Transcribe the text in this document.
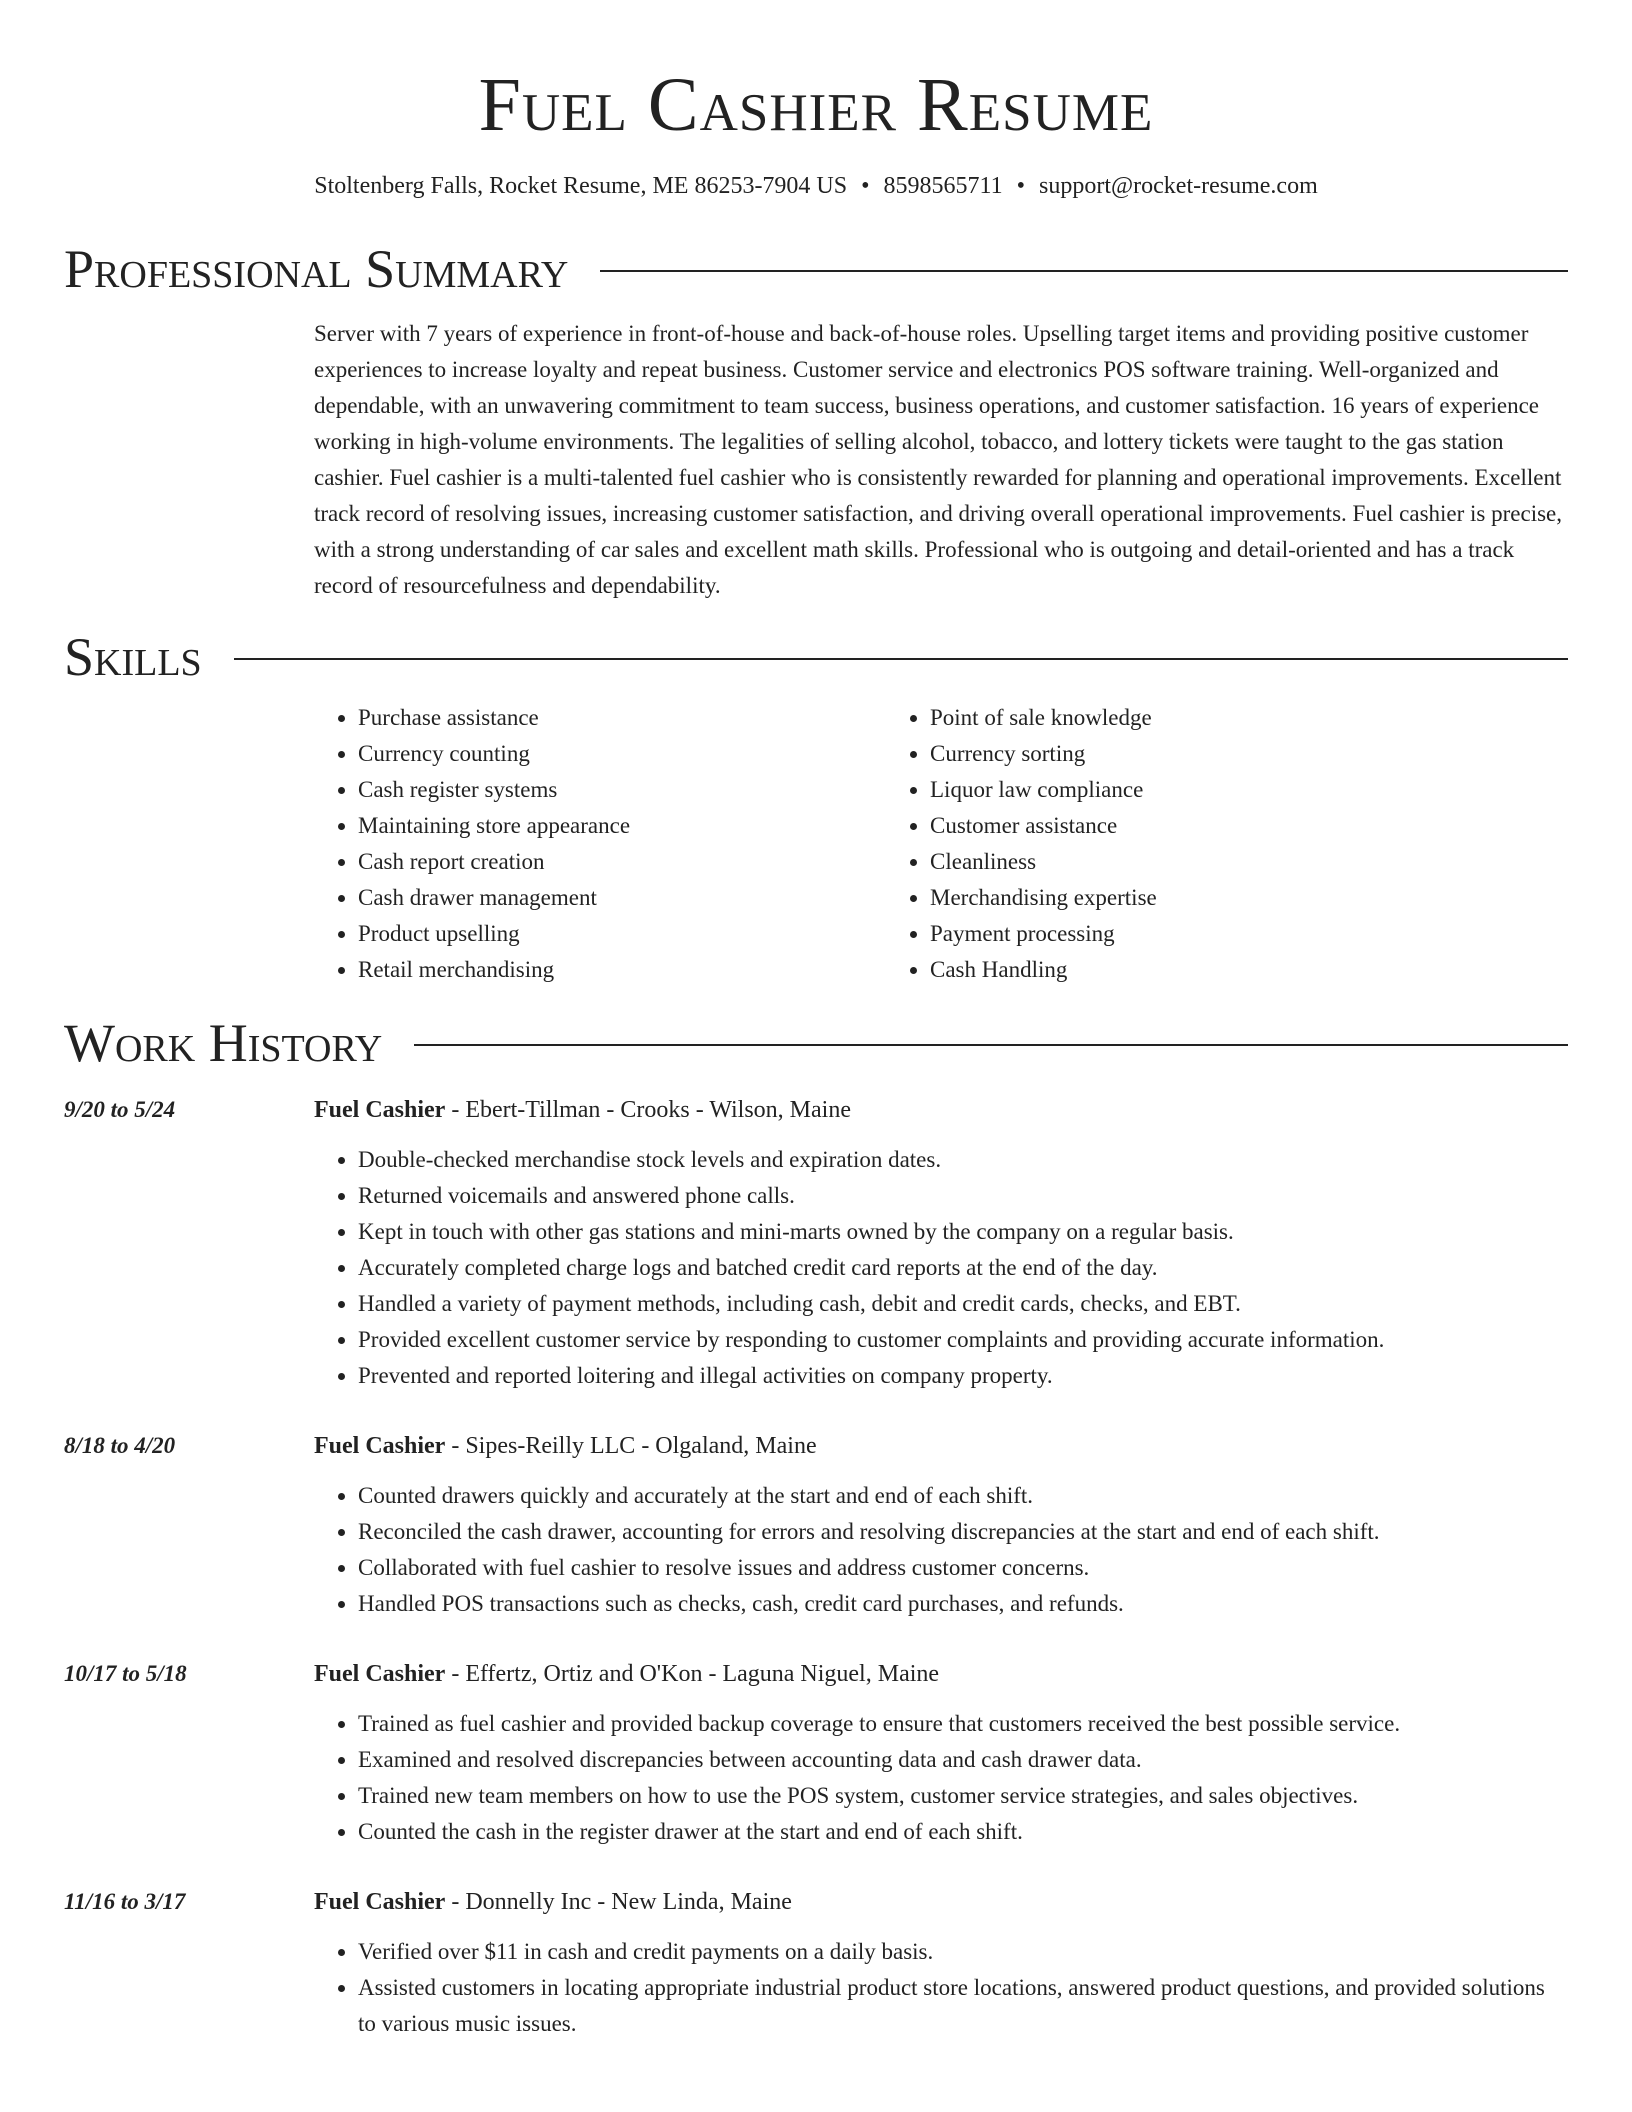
Fuel Cashier Resume
Stoltenberg Falls, Rocket Resume, ME 86253-7904 US • 8598565711 • support@rocket-resume.com
Professional Summary
Server with 7 years of experience in front-of-house and back-of-house roles. Upselling target items and providing positive customer experiences to increase loyalty and repeat business. Customer service and electronics POS software training. Well-organized and dependable, with an unwavering commitment to team success, business operations, and customer satisfaction. 16 years of experience working in high-volume environments. The legalities of selling alcohol, tobacco, and lottery tickets were taught to the gas station cashier. Fuel cashier is a multi-talented fuel cashier who is consistently rewarded for planning and operational improvements. Excellent track record of resolving issues, increasing customer satisfaction, and driving overall operational improvements. Fuel cashier is precise, with a strong understanding of car sales and excellent math skills. Professional who is outgoing and detail-oriented and has a track record of resourcefulness and dependability.
Skills
• Purchase assistance
• Currency counting
• Cash register systems
• Maintaining store appearance
• Cash report creation
• Cash drawer management
• Product upselling
• Retail merchandising
• Point of sale knowledge
• Currency sorting
• Liquor law compliance
• Customer assistance
• Cleanliness
• Merchandising expertise
• Payment processing
• Cash Handling
Work History
9/20 to 5/24	Fuel Cashier - Ebert-Tillman - Crooks - Wilson, Maine
• Double-checked merchandise stock levels and expiration dates.
• Returned voicemails and answered phone calls.
• Kept in touch with other gas stations and mini-marts owned by the company on a regular basis.
• Accurately completed charge logs and batched credit card reports at the end of the day.
• Handled a variety of payment methods, including cash, debit and credit cards, checks, and EBT.
• Provided excellent customer service by responding to customer complaints and providing accurate information.
• Prevented and reported loitering and illegal activities on company property.
8/18 to 4/20	Fuel Cashier - Sipes-Reilly LLC - Olgaland, Maine
• Counted drawers quickly and accurately at the start and end of each shift.
• Reconciled the cash drawer, accounting for errors and resolving discrepancies at the start and end of each shift.
• Collaborated with fuel cashier to resolve issues and address customer concerns.
• Handled POS transactions such as checks, cash, credit card purchases, and refunds.
10/17 to 5/18	Fuel Cashier - Effertz, Ortiz and O'Kon - Laguna Niguel, Maine
• Trained as fuel cashier and provided backup coverage to ensure that customers received the best possible service.
• Examined and resolved discrepancies between accounting data and cash drawer data.
• Trained new team members on how to use the POS system, customer service strategies, and sales objectives.
• Counted the cash in the register drawer at the start and end of each shift.
11/16 to 3/17	Fuel Cashier - Donnelly Inc - New Linda, Maine
• Verified over $11 in cash and credit payments on a daily basis.
• Assisted customers in locating appropriate industrial product store locations, answered product questions, and provided solutions to various music issues.
